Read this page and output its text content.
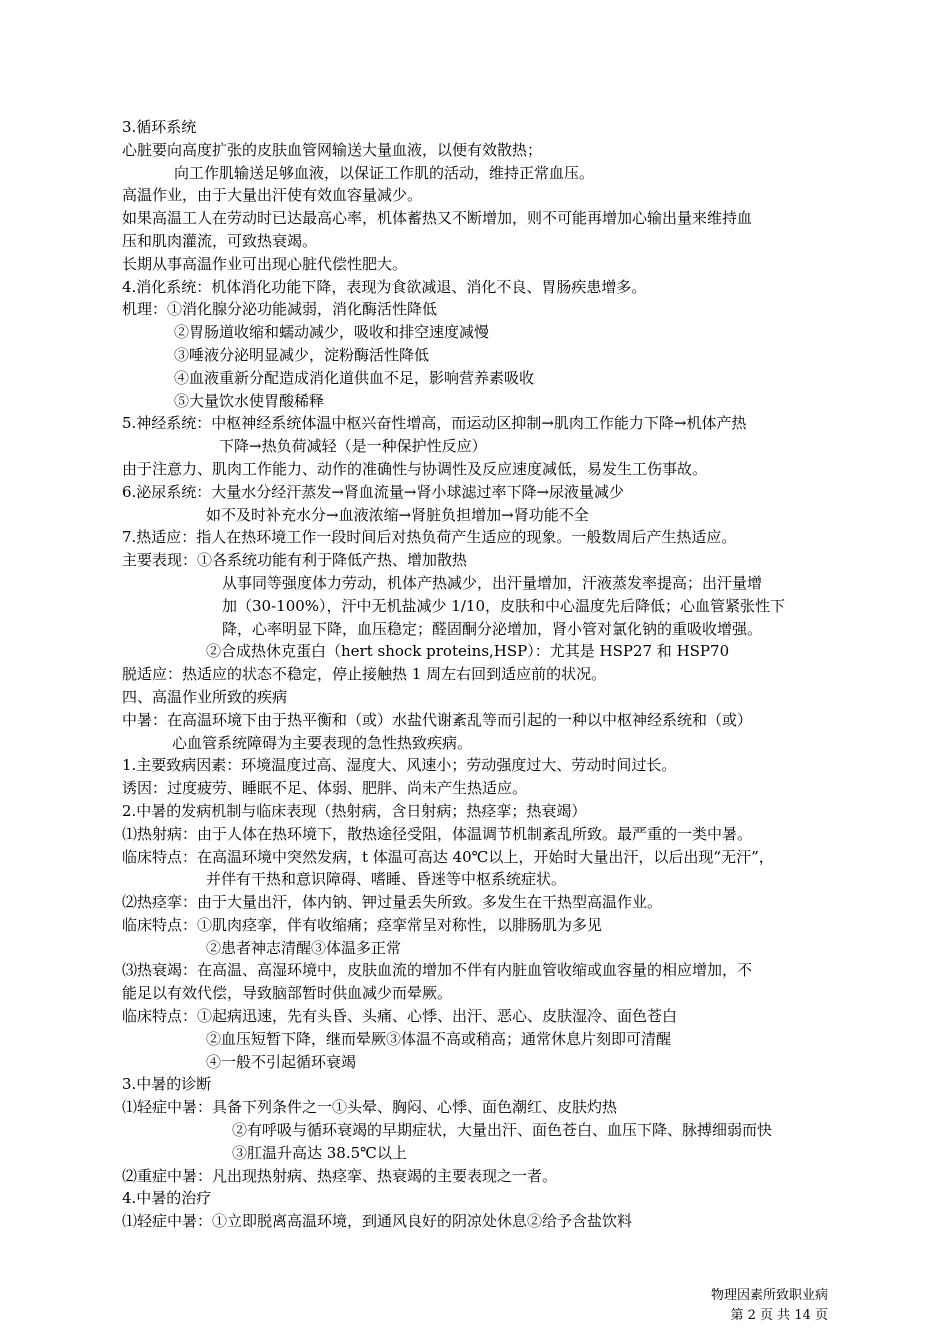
3.循环系统
心脏要向高度扩张的皮肤血管网输送大量血液，以便有效散热；
向工作肌输送足够血液，以保证工作肌的活动，维持正常血压。
高温作业，由于大量出汗使有效血容量减少。
如果高温工人在劳动时已达最高心率，机体蓄热又不断增加，则不可能再增加心输出量来维持血
压和肌肉灌流，可致热衰竭。
长期从事高温作业可出现心脏代偿性肥大。
4.消化系统：机体消化功能下降，表现为食欲减退、消化不良、胃肠疾患增多。
机理：①消化腺分泌功能减弱，消化酶活性降低
②胃肠道收缩和蠕动减少，吸收和排空速度减慢
③唾液分泌明显减少，淀粉酶活性降低
④血液重新分配造成消化道供血不足，影响营养素吸收
⑤大量饮水使胃酸稀释
5.神经系统：中枢神经系统体温中枢兴奋性增高，而运动区抑制→肌肉工作能力下降→机体产热
下降→热负荷减轻（是一种保护性反应）
由于注意力、肌肉工作能力、动作的准确性与协调性及反应速度减低，易发生工伤事故。
6.泌尿系统：大量水分经汗蒸发→肾血流量→肾小球滤过率下降→尿液量减少
如不及时补充水分→血液浓缩→肾脏负担增加→肾功能不全
7.热适应：指人在热环境工作一段时间后对热负荷产生适应的现象。一般数周后产生热适应。
主要表现：①各系统功能有利于降低产热、增加散热
从事同等强度体力劳动，机体产热减少，出汗量增加，汗液蒸发率提高；出汗量增
加（30-100%），汗中无机盐减少 1/10，皮肤和中心温度先后降低；心血管紧张性下
降，心率明显下降，血压稳定；醛固酮分泌增加，肾小管对氯化钠的重吸收增强。
②合成热休克蛋白（hert shock proteins,HSP）：尤其是 HSP27 和 HSP70
脱适应：热适应的状态不稳定，停止接触热 1 周左右回到适应前的状况。
四、高温作业所致的疾病
中暑：在高温环境下由于热平衡和（或）水盐代谢紊乱等而引起的一种以中枢神经系统和（或）
心血管系统障碍为主要表现的急性热致疾病。
1.主要致病因素：环境温度过高、湿度大、风速小；劳动强度过大、劳动时间过长。
诱因：过度疲劳、睡眠不足、体弱、肥胖、尚未产生热适应。
2.中暑的发病机制与临床表现（热射病，含日射病；热痉挛；热衰竭）
⑴热射病：由于人体在热环境下，散热途径受阻，体温调节机制紊乱所致。最严重的一类中暑。
临床特点：在高温环境中突然发病，t 体温可高达 40℃以上，开始时大量出汗，以后出现“无汗”，
并伴有干热和意识障碍、嗜睡、昏迷等中枢系统症状。
⑵热痉挛：由于大量出汗，体内钠、钾过量丢失所致。多发生在干热型高温作业。
临床特点：①肌肉痉挛，伴有收缩痛；痉挛常呈对称性，以腓肠肌为多见
②患者神志清醒③体温多正常
⑶热衰竭：在高温、高湿环境中，皮肤血流的增加不伴有内脏血管收缩或血容量的相应增加，不
能足以有效代偿，导致脑部暂时供血减少而晕厥。
临床特点：①起病迅速，先有头昏、头痛、心悸、出汗、恶心、皮肤湿冷、面色苍白
②血压短暂下降，继而晕厥③体温不高或稍高；通常休息片刻即可清醒
④一般不引起循环衰竭
3.中暑的诊断
⑴轻症中暑：具备下列条件之一①头晕、胸闷、心悸、面色潮红、皮肤灼热
②有呼吸与循环衰竭的早期症状，大量出汗、面色苍白、血压下降、脉搏细弱而快
③肛温升高达 38.5℃以上
⑵重症中暑：凡出现热射病、热痉挛、热衰竭的主要表现之一者。
4.中暑的治疗
⑴轻症中暑：①立即脱离高温环境，到通风良好的阴凉处休息②给予含盐饮料
物理因素所致职业病
第 2 页 共 14 页
